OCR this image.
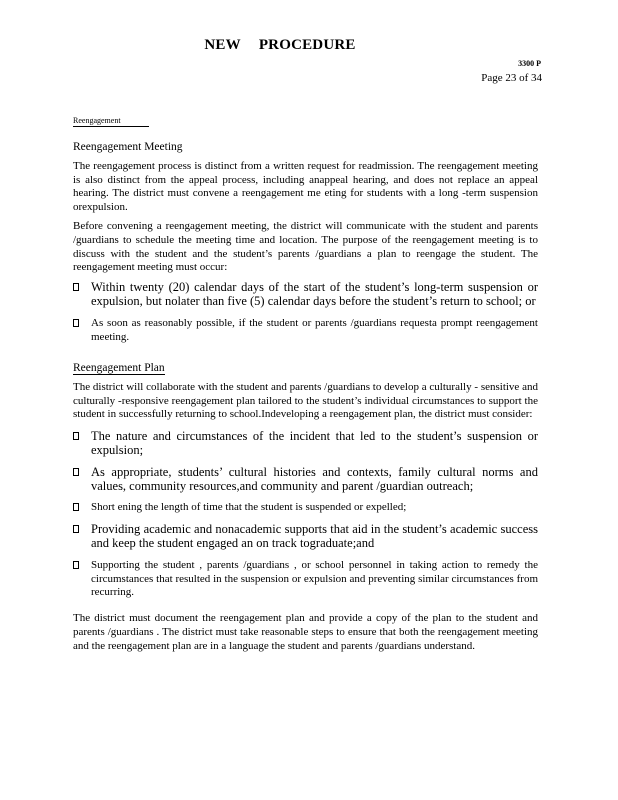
NEW PROCEDURE
3300 P
Page 23 of 34
Reengagement
Reengagement Meeting

The reengagement process is distinct from a written request for readmission. The reengagement meeting is also distinct from the appeal process, including anappeal hearing, and does not replace an appeal hearing. The district must convene a reengagement me eting for students with a long -term suspension orexpulsion.

Before convening a reengagement meeting, the district will communicate with the student and parents /guardians to schedule the meeting time and location. The purpose of the reengagement meeting is to discuss with the student and the student’s parents /guardians a plan to reengage the student. The reengagement meeting must occur:

Within twenty (20) calendar days of the start of the student’s long-term suspension or expulsion, but nolater than five (5) calendar days before the student’s return to school; or
As soon as reasonably possible, if the student or parents /guardians requesta prompt reengagement meeting.
Reengagement Plan

The district will collaborate with the student and parents /guardians to develop a culturally - sensitive and culturally -responsive reengagement plan tailored to the student’s individual circumstances to support the student in successfully returning to school.Indeveloping a reengagement plan, the district must consider:

The nature and circumstances of the incident that led to the student’s suspension or expulsion;
As appropriate, students’ cultural histories and contexts, family cultural norms and values, community resources,and community and parent /guardian outreach;
Short ening the length of time that the student is suspended or expelled;
Providing academic and nonacademic supports that aid in the student’s academic success and keep the student engaged an on track tograduate;and
Supporting the student , parents /guardians , or school personnel in taking action to remedy the circumstances that resulted in the suspension or expulsion and preventing similar circumstances from recurring.

The district must document the reengagement plan and provide a copy of the plan to the student and parents /guardians . The district must take reasonable steps to ensure that both the reengagement meeting and the reengagement plan are in a language the student and parents /guardians understand.
